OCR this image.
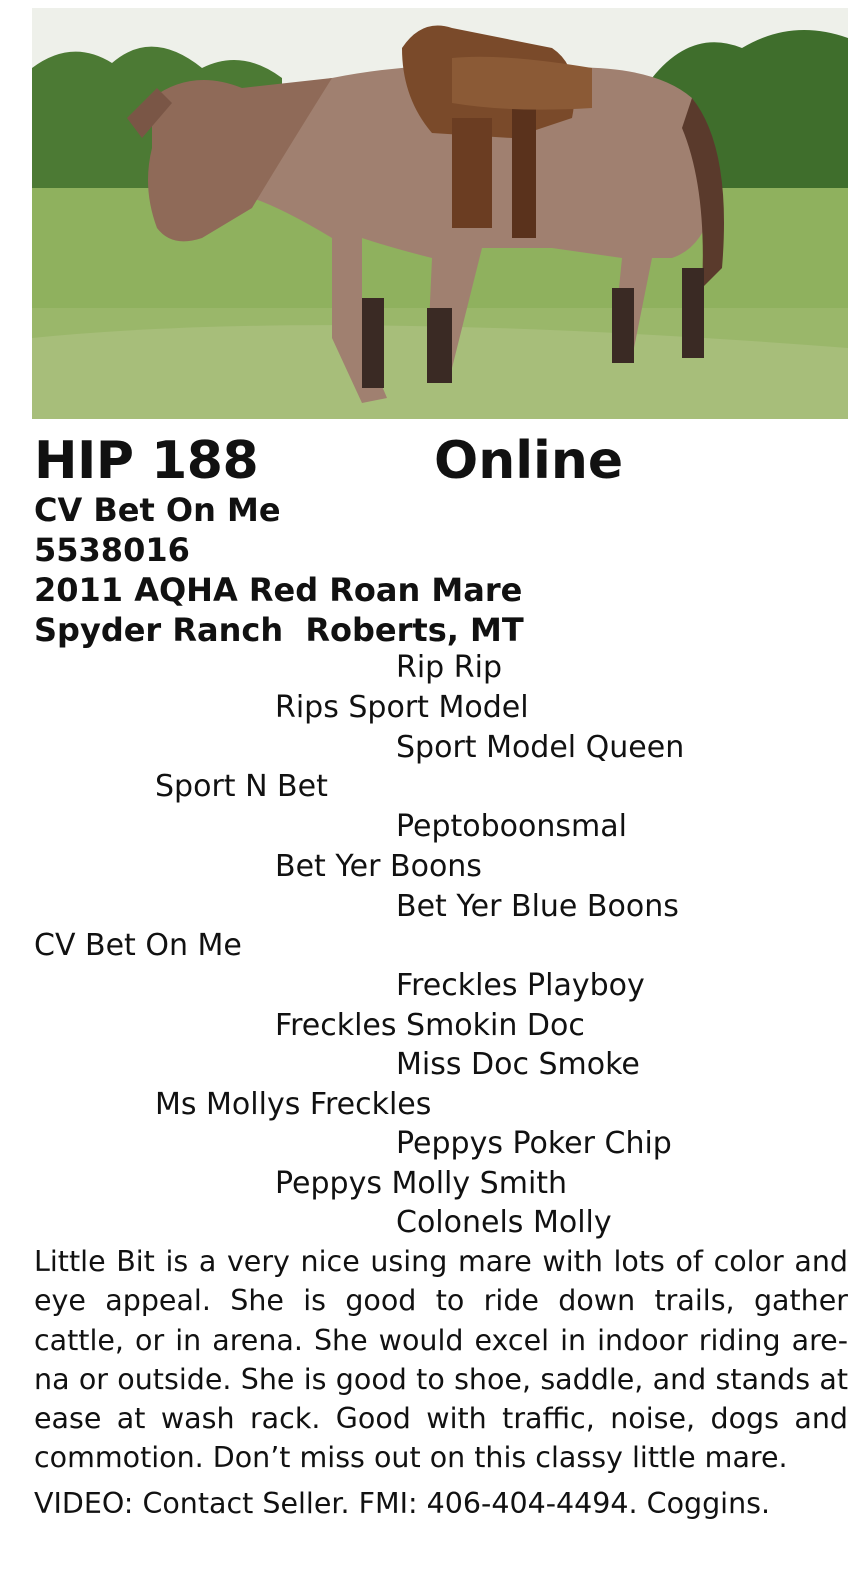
HIP 188	Online
CV Bet On Me
5538016
2011 AQHA Red Roan Mare
Spyder Ranch  Roberts, MT
Rip Rip
Rips Sport Model
Sport Model Queen
Sport N Bet
Peptoboonsmal
Bet Yer Boons
Bet Yer Blue Boons
CV Bet On Me
Freckles Playboy
Freckles Smokin Doc
Miss Doc Smoke
Ms Mollys Freckles
Peppys Poker Chip
Peppys Molly Smith
Colonels Molly
Little Bit is a very nice using mare with lots of color and eye appeal. She is good to ride down trails, gather cattle, or in arena. She would excel in indoor riding are-na or outside. She is good to shoe, saddle, and stands at ease at wash rack. Good with traffic, noise, dogs and commotion. Don’t miss out on this classy little mare.
VIDEO: Contact Seller. FMI: 406-404-4494. Coggins.
